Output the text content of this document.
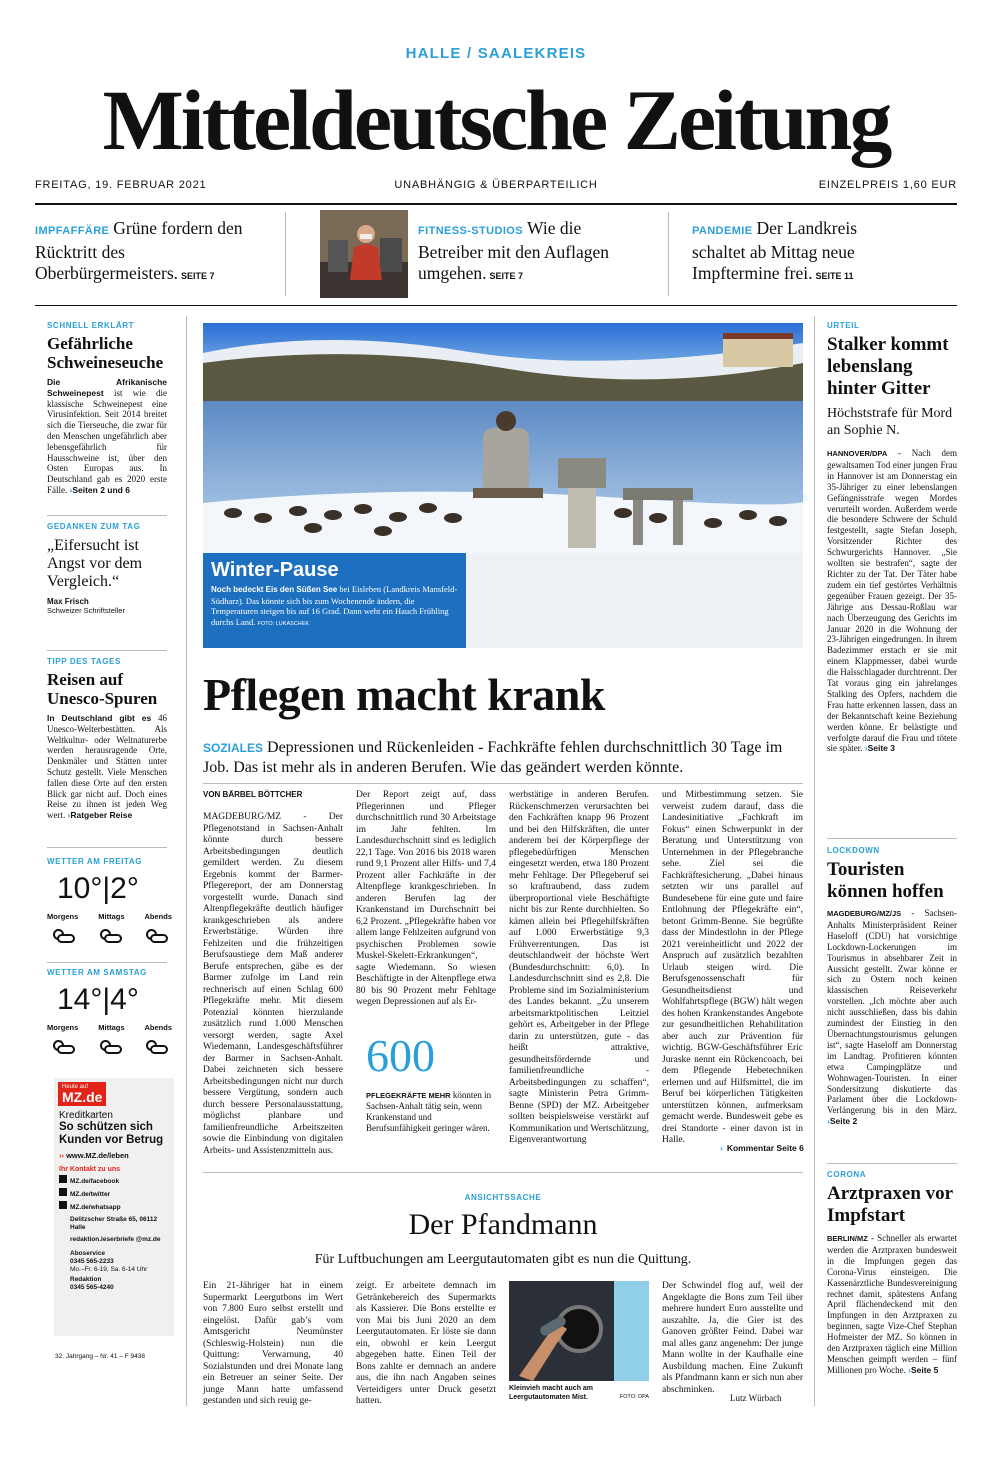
HALLE / SAALEKREIS
Mitteldeutsche Zeitung
FREITAG, 19. FEBRUAR 2021	UNABHÄNGIG & ÜBERPARTEILICH	EINZELPREIS 1,60 EUR
IMPFAFFÄRE Grüne fordern den Rücktritt des Oberbürgermeisters. SEITE 7
FITNESS-STUDIOS Wie die Betreiber mit den Auflagen umgehen. SEITE 7
PANDEMIE Der Landkreis schaltet ab Mittag neue Impftermine frei. SEITE 11
SCHNELL ERKLÄRT
Gefährliche Schweineseuche
Die Afrikanische Schweinepest ist wie die klassische Schweinepest eine Virusinfektion. Seit 2014 breitet sich die Tierseuche, die zwar für den Menschen ungefährlich aber lebensgefährlich für Hausschweine ist, über den Osten Europas aus. In Deutschland gab es 2020 erste Fälle. ›Seiten 2 und 6
GEDANKEN ZUM TAG
„Eifersucht ist Angst vor dem Vergleich.“
Max Frisch
Schweizer Schriftsteller
TIPP DES TAGES
Reisen auf Unesco-Spuren
In Deutschland gibt es 46 Unesco-Welterbestätten. Als Weltkultur- oder Weltnaturerbe werden herausragende Orte, Denkmäler und Stätten unter Schutz gestellt. Viele Menschen fallen diese Orte auf den ersten Blick gar nicht auf. Doch eines Reise zu ihnen ist jeden Weg wert. ›Ratgeber Reise
WETTER AM FREITAG
10°|2°
Morgens	Mittags	Abends
WETTER AM SAMSTAG
14°|4°
Morgens	Mittags	Abends
Heute auf
MZ.de
Kreditkarten
So schützen sich Kunden vor Betrug
›› www.MZ.de/leben
Ihr Kontakt zu uns
MZ.de/facebook
MZ.de/twitter
MZ.de/whatsapp
Delitzscher Straße 65, 06112 Halle
redaktion.leserbriefe @mz.de
Aboservice
0345 565-2233
Mo.–Fr. 6-19, Sa. 6-14 Uhr
Redaktion
0345 565-4240
32. Jahrgang – Nr. 41 – F 9438
Winter-Pause
Noch bedeckt Eis den Süßen See bei Eisleben (Landkreis Mansfeld-Südharz). Das könnte sich bis zum Wochenende ändern, die Temperaturen steigen bis auf 16 Grad. Dann weht ein Hauch Frühling durchs Land. FOTO: LUKASCHEK
Pflegen macht krank
SOZIALES Depressionen und Rückenleiden - Fachkräfte fehlen durchschnittlich 30 Tage im Job. Das ist mehr als in anderen Berufen. Wie das geändert werden könnte.
VON BÄRBEL BÖTTCHER
MAGDEBURG/MZ - Der Pflegenotstand in Sachsen-Anhalt könnte durch bessere Arbeitsbedingungen deutlich gemildert werden. Zu diesem Ergebnis kommt der Barmer-Pflegereport, der am Donnerstag vorgestellt wurde. Danach sind Altenpflegekräfte deutlich häufiger krankgeschrieben als andere Erwerbstätige. Würden ihre Fehlzeiten und die frühzeitigen Berufsaustiege dem Maß anderer Berufe entsprechen, gäbe es der Barmer zufolge im Land rein rechnerisch auf einen Schlag 600 Pflegekräfte mehr. Mit diesem Potenzial könnten hierzulande zusätzlich rund 1.000 Menschen versorgt werden, sagte Axel Wiedemann, Landesgeschäftsführer der Barmer in Sachsen-Anhalt. Dabei zeichneten sich bessere Arbeitsbedingungen nicht nur durch bessere Vergütung, sondern auch durch bessere Personalausstattung, möglichst planbare und familienfreundliche Arbeitszeiten sowie die Einbindung von digitalen Arbeits- und Assistenzmitteln aus.
Der Report zeigt auf, dass Pflegerinnen und Pfleger durchschnittlich rund 30 Arbeitstage im Jahr fehlten. Im Landesdurchschnitt sind es lediglich 22,1 Tage. Von 2016 bis 2018 waren rund 9,1 Prozent aller Hilfs- und 7,4 Prozent aller Fachkräfte in der Altenpflege krankgeschrieben. In anderen Berufen lag der Krankenstand im Durchschnitt bei 6,2 Prozent. „Pflegekräfte haben vor allem lange Fehlzeiten aufgrund von psychischen Problemen sowie Muskel-Skelett-Erkrankungen“, sagte Wiedemann. So wiesen Beschäftigte in der Altenpflege etwa 80 bis 90 Prozent mehr Fehltage wegen Depressionen auf als Er-
600
PFLEGEKRÄFTE MEHR könnten in Sachsen-Anhalt tätig sein, wenn Krankenstand und Berufsunfähigkeit geringer wären.
werbstätige in anderen Berufen. Rückenschmerzen verursachten bei den Fachkräften knapp 96 Prozent und bei den Hilfskräften, die unter anderem bei der Körperpflege der pflegebedürftigen Menschen eingesetzt werden, etwa 180 Prozent mehr Fehltage. Der Pflegeberuf sei so kraftraubend, dass zudem überproportional viele Beschäftigte nicht bis zur Rente durchhielten. So kämen allein bei Pflegehilfskräften auf 1.000 Erwerbstätige 9,3 Frühverrentungen. Das ist deutschlandweit der höchste Wert (Bundesdurchschnitt: 6,0). In Landesdurchschnitt sind es 2,8. Die Probleme sind im Sozialministerium des Landes bekannt. „Zu unserem arbeitsmarktpolitischen Leitziel gehört es, Arbeitgeber in der Pflege darin zu unterstützen, gute - das heißt attraktive, gesundheitsfördernde und familienfreundliche - Arbeitsbedingungen zu schaffen“, sagte Ministerin Petra Grimm-Benne (SPD) der MZ. Arbeitgeber sollten beispielsweise verstärkt auf Kommunikation und Wertschätzung, Eigenverantwortung
und Mitbestimmung setzen. Sie verweist zudem darauf, dass die Landesinitiative „Fachkraft im Fokus“ einen Schwerpunkt in der Beratung und Unterstützung von Unternehmen in der Pflegebranche sehe. Ziel sei die Fachkräftesicherung. „Dabei hinaus setzten wir uns parallel auf Bundesebene für eine gute und faire Entlohnung der Pflegekräfte ein“, betont Grimm-Benne. Sie begrüßte dass der Mindestlohn in der Pflege 2021 vereinheitlicht und 2022 der Anspruch auf zusätzlich bezahlten Urlaub steigen wird. Die Berufsgenossenschaft für Gesundheitsdienst und Wohlfahrtspflege (BGW) hält wegen des hohen Krankenstandes Angebote zur gesundheitlichen Rehabilitation aber auch zur Prävention für wichtig. BGW-Geschäftsführer Eric Juraske nennt ein Rückencoach, bei dem Pflegende Hebetechniken erlernen und auf Hilfsmittel, die im Beruf bei körperlichen Tätigkeiten unterstützen können, aufmerksam gemacht werde. Bundesweit gebe es drei Standorte - einer davon ist in Halle.
› Kommentar Seite 6
ANSICHTSSACHE
Der Pfandmann
Für Luftbuchungen am Leergutautomaten gibt es nun die Quittung.
Ein 21-Jähriger hat in einem Supermarkt Leergutbons im Wert von 7.800 Euro selbst erstellt und eingelöst. Dafür gab’s vom Amtsgericht Neumünster (Schleswig-Holstein) nun die Quittung: Verwarnung, 40 Sozialstunden und drei Monate lang ein Betreuer an seiner Seite. Der junge Mann hatte umfassend gestanden und sich reuig ge-
zeigt. Er arbeitete demnach im Getränkebereich des Supermarkts als Kassierer. Die Bons erstellte er von Mai bis Juni 2020 an dem Leergutautomaten. Er löste sie dann ein, obwohl er kein Leergut abgegeben hatte. Einen Teil der Bons zahlte er demnach an andere aus, die ihn nach Angaben seines Verteidigers unter Druck gesetzt hatten.
Kleinvieh macht auch am Leergutautomaten Mist.	FOTO: DPA
Der Schwindel flog auf, weil der Angeklagte die Bons zum Teil über mehrere hundert Euro ausstellte und auszahlte. Ja, die Gier ist des Ganoven größter Feind. Dabei war mal alles ganz angenehm: Der junge Mann wollte in der Kaufhalle eine Ausbildung machen. Eine Zukunft als Pfandmann kann er sich nun aber abschminken.
Lutz Würbach
URTEIL
Stalker kommt lebenslang hinter Gitter
Höchststrafe für Mord an Sophie N.
HANNOVER/DPA - Nach dem gewaltsamen Tod einer jungen Frau in Hannover ist am Donnerstag ein 35-Jähriger zu einer lebenslangen Gefängnisstrafe wegen Mordes verurteilt worden. Außerdem werde die besondere Schwere der Schuld festgestellt, sagte Stefan Joseph, Vorsitzender Richter des Schwurgerichts Hannover. „Sie wollten sie bestrafen“, sagte der Richter zu der Tat. Der Täter habe zudem ein tief gestörtes Verhältnis gegenüber Frauen gezeigt. Der 35-Jährige aus Dessau-Roßlau war nach Überzeugung des Gerichts im Januar 2020 in die Wohnung der 23-Jährigen eingedrungen. In ihrem Badezimmer erstach er sie mit einem Klappmesser, dabei wurde die Halsschlagader durchtrennt. Der Tat voraus ging ein jahrelanges Stalking des Opfers, nachdem die Frau hatte erkennen lassen, dass an der Bekanntschaft keine Beziehung werden könne. Er belästigte und verfolgte darauf die Frau und tötete sie später. ›Seite 3
LOCKDOWN
Touristen können hoffen
MAGDEBURG/MZ/JS - Sachsen-Anhalts Ministerpräsident Reiner Haseloff (CDU) hat vorsichtige Lockdown-Lockerungen im Tourismus in absehbarer Zeit in Aussicht gestellt. Zwar könne er sich zu Ostern noch keinen klassischen Reiseverkehr vorstellen. „Ich möchte aber auch nicht ausschließen, dass bis dahin zumindest der Einstieg in den Übernachtungstourismus gelungen ist“, sagte Haseloff am Donnerstag im Landtag. Profitieren könnten etwa Campingplätze und Wohnwagen-Touristen. In einer Sondersitzung diskutierte das Parlament über die Lockdown-Verlängerung bis in den März. ›Seite 2
CORONA
Arztpraxen vor Impfstart
BERLIN/MZ - Schneller als erwartet werden die Arztpraxen bundesweit in die Impfungen gegen das Corona-Virus einsteigen. Die Kassenärztliche Bundesvereinigung rechnet damit, spätestens Anfang April flächendeckend mit den Impfungen in den Arztpraxen zu beginnen, sagte Vize-Chef Stephan Hofmeister der MZ. So können in den Arztpraxen täglich eine Million Menschen geimpft werden – fünf Millionen pro Woche. ›Seite 5
